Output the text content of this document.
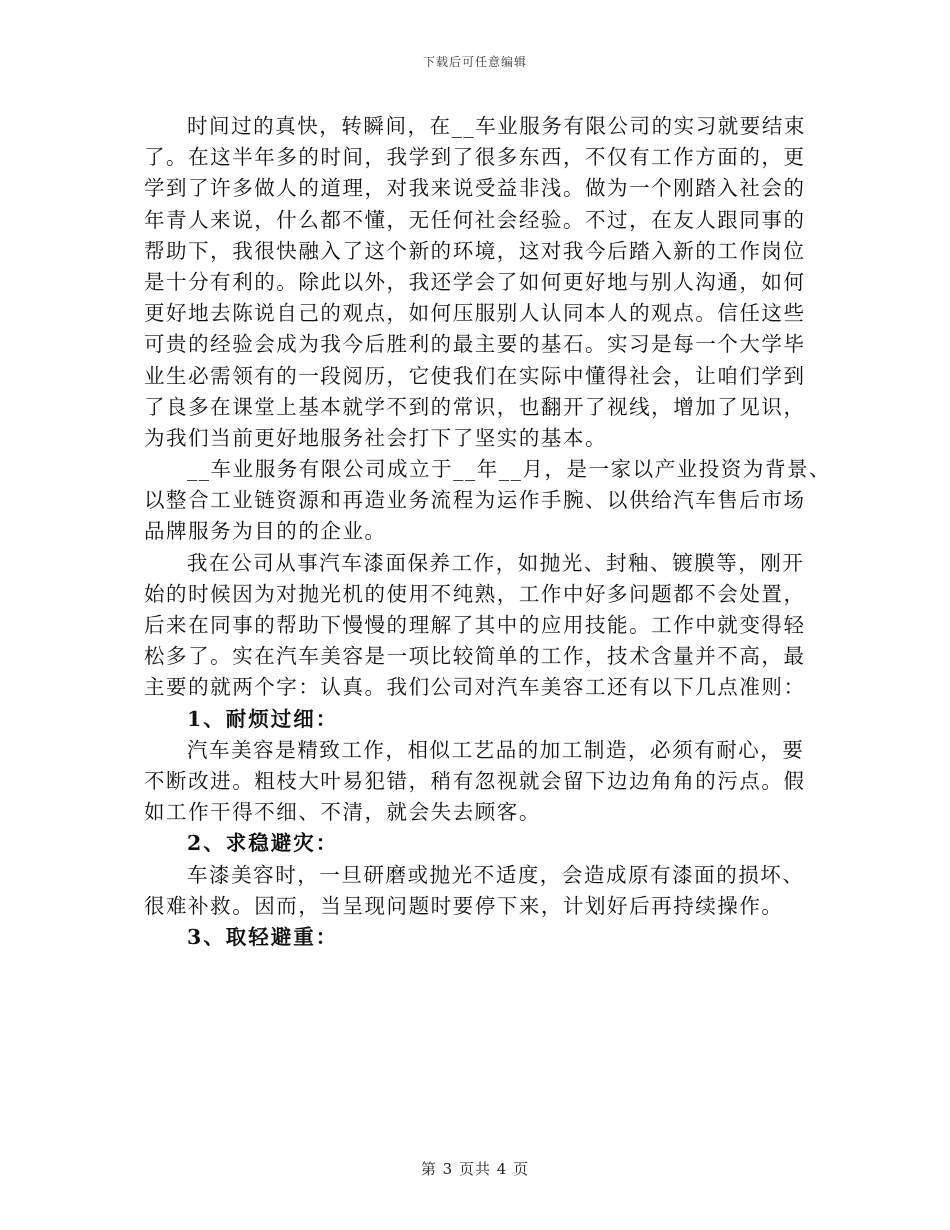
下载后可任意编辑
时间过的真快，转瞬间，在__车业服务有限公司的实习就要结束
了。在这半年多的时间，我学到了很多东西，不仅有工作方面的，更
学到了许多做人的道理，对我来说受益非浅。做为一个刚踏入社会的
年青人来说，什么都不懂，无任何社会经验。不过，在友人跟同事的
帮助下，我很快融入了这个新的环境，这对我今后踏入新的工作岗位
是十分有利的。除此以外，我还学会了如何更好地与别人沟通，如何
更好地去陈说自己的观点，如何压服别人认同本人的观点。信任这些
可贵的经验会成为我今后胜利的最主要的基石。实习是每一个大学毕
业生必需领有的一段阅历，它使我们在实际中懂得社会，让咱们学到
了良多在课堂上基本就学不到的常识，也翻开了视线，增加了见识，
为我们当前更好地服务社会打下了坚实的基本。
__车业服务有限公司成立于__年__月，是一家以产业投资为背景、
以整合工业链资源和再造业务流程为运作手腕、以供给汽车售后市场
品牌服务为目的的企业。
我在公司从事汽车漆面保养工作，如抛光、封釉、镀膜等，刚开
始的时候因为对抛光机的使用不纯熟，工作中好多问题都不会处置，
后来在同事的帮助下慢慢的理解了其中的应用技能。工作中就变得轻
松多了。实在汽车美容是一项比较简单的工作，技术含量并不高，最
主要的就两个字：认真。我们公司对汽车美容工还有以下几点准则：
1、耐烦过细：
汽车美容是精致工作，相似工艺品的加工制造，必须有耐心，要
不断改进。粗枝大叶易犯错，稍有忽视就会留下边边角角的污点。假
如工作干得不细、不清，就会失去顾客。
2、求稳避灾：
车漆美容时，一旦研磨或抛光不适度，会造成原有漆面的损坏、
很难补救。因而，当呈现问题时要停下来，计划好后再持续操作。
3、取轻避重：
第 3 页共 4 页
